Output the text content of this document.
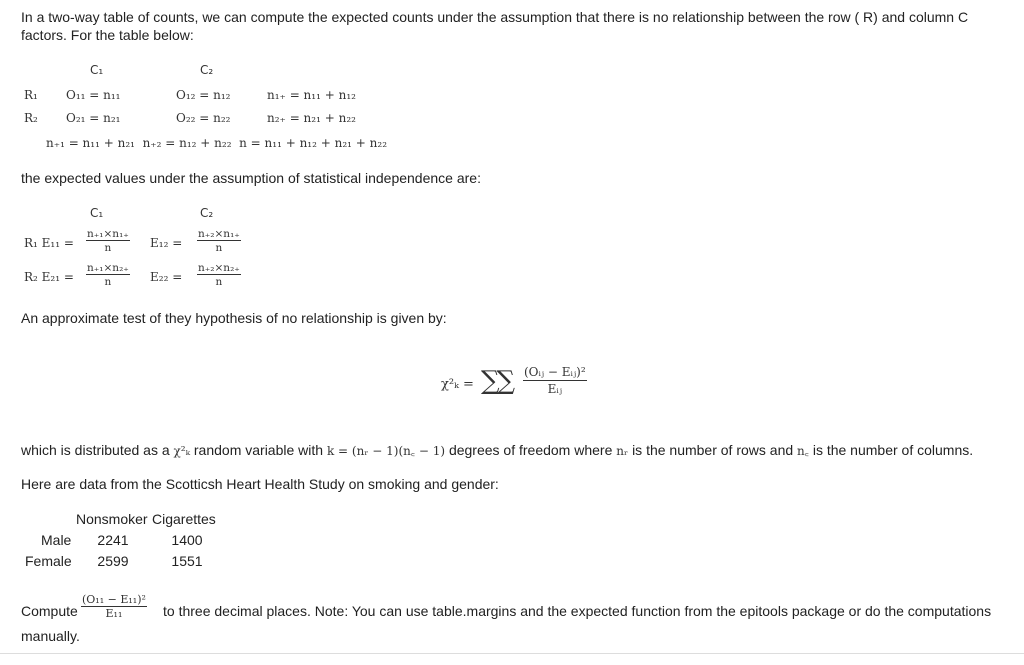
In a two-way table of counts, we can compute the expected counts under the assumption that there is no relationship between the row ( R) and column C
factors. For the table below:
C₁	C₂
R₁ O₁₁ = n₁₁	O₁₂ = n₁₂	n₁₊ = n₁₁ + n₁₂
R₂ O₂₁ = n₂₁	O₂₂ = n₂₂	n₂₊ = n₂₁ + n₂₂
n₊₁ = n₁₁ + n₂₁  n₊₂ = n₁₂ + n₂₂  n = n₁₁ + n₁₂ + n₂₁ + n₂₂
the expected values under the assumption of statistical independence are:
C₁	C₂
R₁ $E_{11} = \frac{\text{n₊₁×n₁₊}}{n} E_{12} = \frac{\text{n₊₂×n₁₊}}{n}$
R₂ $E_{21} = \frac{\text{n₊₁×n₂₊}}{n} E_{22} = \frac{\text{n₊₂×n₂₊}}{n}$
An approximate test of they hypothesis of no relationship is given by:
χ²ₖ = ∑∑ (Oᵢⱼ − Eᵢⱼ)²
Eᵢⱼ
which is distributed as a χ²ₖ random variable with k = (nᵣ − 1)(n꜀ − 1) degrees of freedom where nᵣ is the number of rows and n꜀ is the number of columns.
Here are data from the Scotticsh Heart Health Study on smoking and gender:
	Nonsmoker	Cigarettes
Male	2241	1400
Female	2599	1551
Compute $\frac{\text{(O₁₁ − E₁₁)²}}{\text{E₁₁}}$ to three decimal places. Note: You can use table.margins and the expected function from the epitools package or do the computations
manually.
